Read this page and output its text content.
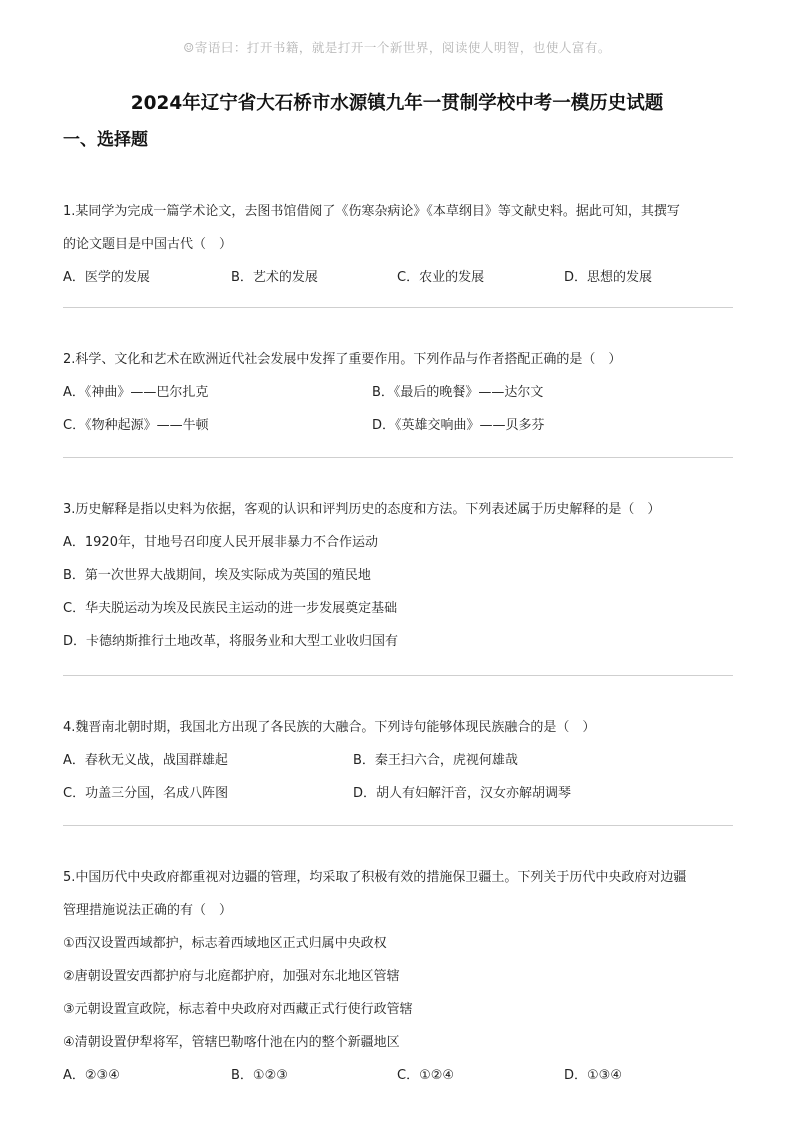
☺寄语曰：打开书籍，就是打开一个新世界，阅读使人明智，也使人富有。
2024年辽宁省大石桥市水源镇九年一贯制学校中考一模历史试题
一、选择题
1.某同学为完成一篇学术论文，去图书馆借阅了《伤寒杂病论》《本草纲目》等文献史料。据此可知，其撰写
的论文题目是中国古代（　）
A．医学的发展	B．艺术的发展	C．农业的发展	D．思想的发展
2.科学、文化和艺术在欧洲近代社会发展中发挥了重要作用。下列作品与作者搭配正确的是（　）
A．《神曲》——巴尔扎克	B．《最后的晚餐》——达尔文
C．《物种起源》——牛顿	D．《英雄交响曲》——贝多芬
3.历史解释是指以史料为依据，客观的认识和评判历史的态度和方法。下列表述属于历史解释的是（　）
A．1920年，甘地号召印度人民开展非暴力不合作运动
B．第一次世界大战期间，埃及实际成为英国的殖民地
C．华夫脱运动为埃及民族民主运动的进一步发展奠定基础
D．卡德纳斯推行土地改革，将服务业和大型工业收归国有
4.魏晋南北朝时期，我国北方出现了各民族的大融合。下列诗句能够体现民族融合的是（　）
A．春秋无义战，战国群雄起	B．秦王扫六合，虎视何雄哉
C．功盖三分国，名成八阵图	D．胡人有妇解汗音，汉女亦解胡调琴
5.中国历代中央政府都重视对边疆的管理，均采取了积极有效的措施保卫疆土。下列关于历代中央政府对边疆
管理措施说法正确的有（　）
①西汉设置西域都护，标志着西域地区正式归属中央政权
②唐朝设置安西都护府与北庭都护府，加强对东北地区管辖
③元朝设置宣政院，标志着中央政府对西藏正式行使行政管辖
④清朝设置伊犁将军，管辖巴勒喀什池在内的整个新疆地区
A．②③④	B．①②③	C．①②④	D．①③④
